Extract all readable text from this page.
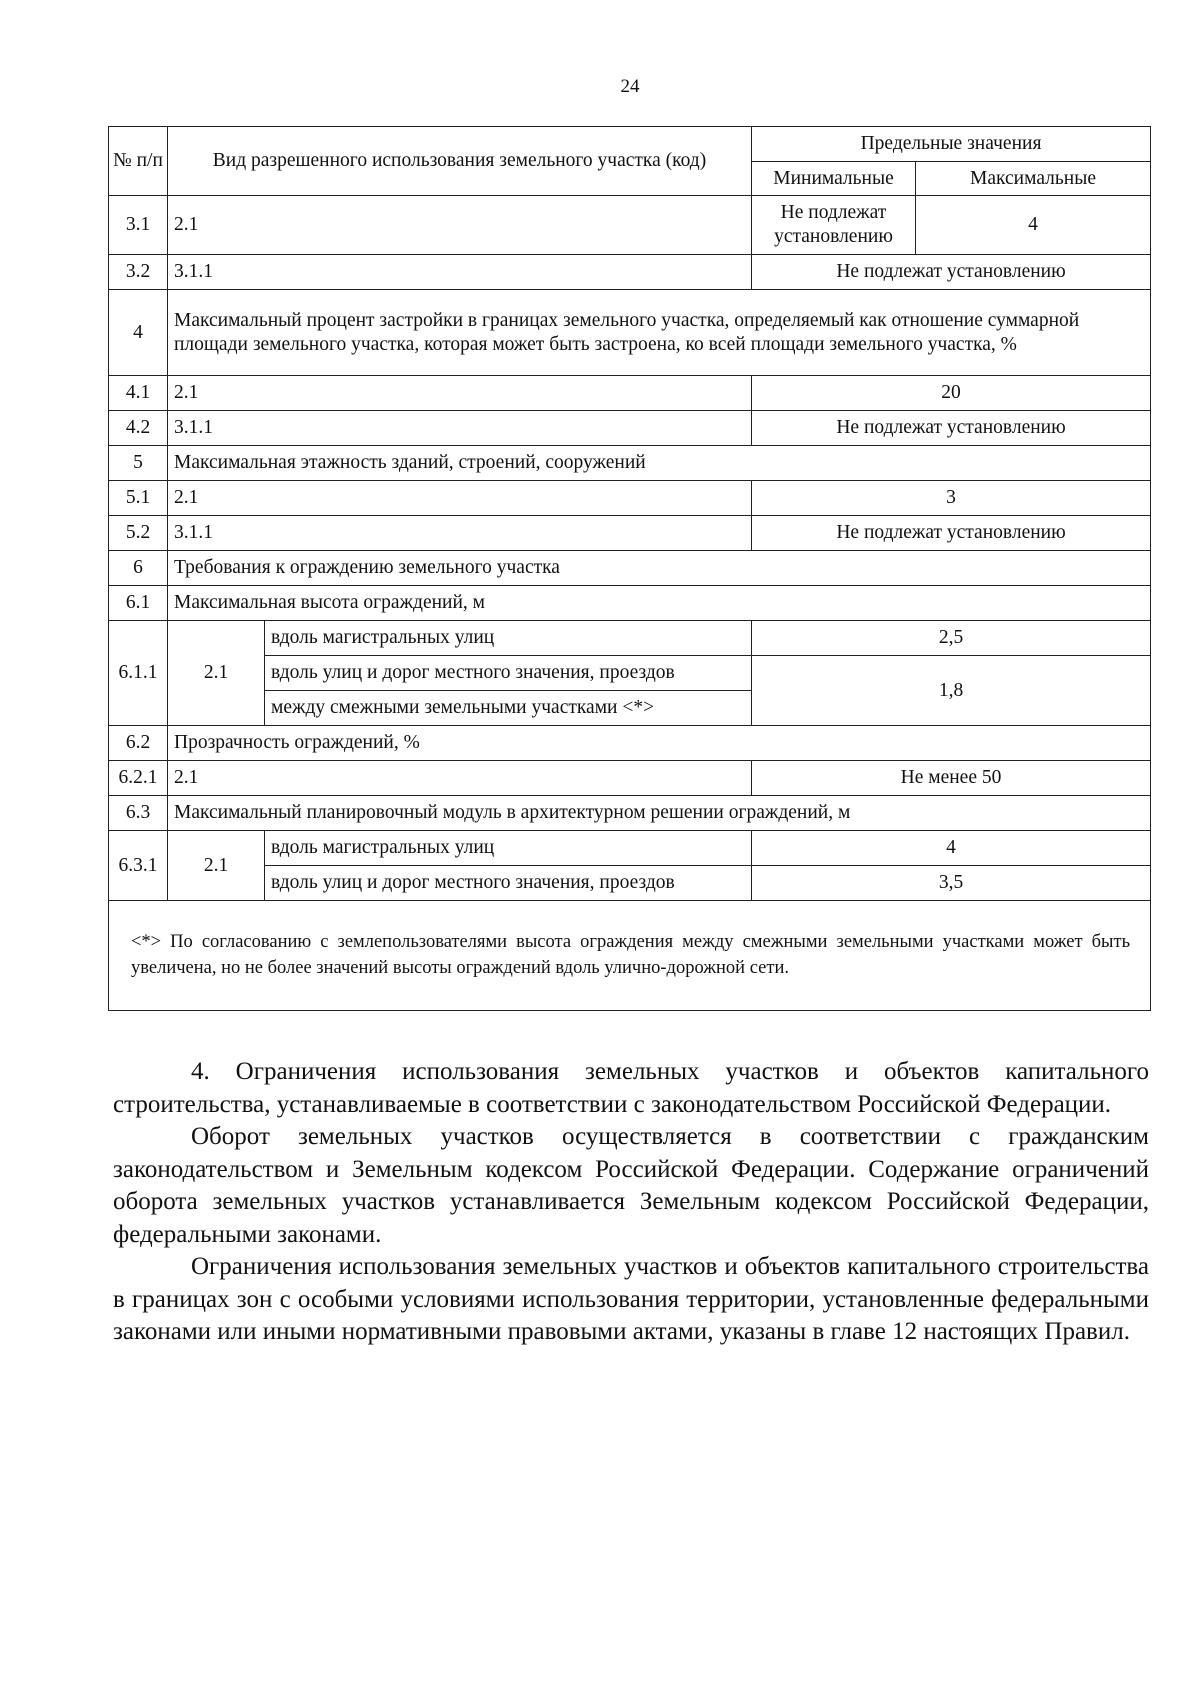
24
№ п/п	Вид разрешенного использования земельного участка (код)		Предельные значения	
			Минимальные	Максимальные
3.1	2.1		Не подлежат установлению	4
3.2	3.1.1		Не подлежат установлению	
4	Максимальный процент застройки в границах земельного участка, определяемый как отношение суммарной площади земельного участка, которая может быть застроена, ко всей площади земельного участка, %			
4.1	2.1		20	
4.2	3.1.1		Не подлежат установлению	
5	Максимальная этажность зданий, строений, сооружений			
5.1	2.1		3	
5.2	3.1.1		Не подлежат установлению	
6	Требования к ограждению земельного участка			
6.1	Максимальная высота ограждений, м			
6.1.1	2.1	вдоль магистральных улиц	2,5	
		вдоль улиц и дорог местного значения, проездов	1,8	
		между смежными земельными участками <*>		
6.2	Прозрачность ограждений, %			
6.2.1	2.1		Не менее 50	
6.3	Максимальный планировочный модуль в архитектурном решении ограждений, м			
6.3.1	2.1	вдоль магистральных улиц	4	
		вдоль улиц и дорог местного значения, проездов	3,5	
<*> По согласованию с землепользователями высота ограждения между смежными земельными участками может быть увеличена, но не более значений высоты ограждений вдоль улично-дорожной сети.				

4. Ограничения использования земельных участков и объектов капитального строительства, устанавливаемые в соответствии с законодательством Российской Федерации.

Оборот земельных участков осуществляется в соответствии с гражданским законодательством и Земельным кодексом Российской Федерации. Содержание ограничений оборота земельных участков устанавливается Земельным кодексом Российской Федерации, федеральными законами.

Ограничения использования земельных участков и объектов капитального строительства в границах зон с особыми условиями использования территории, установленные федеральными законами или иными нормативными правовыми актами, указаны в главе 12 настоящих Правил.
